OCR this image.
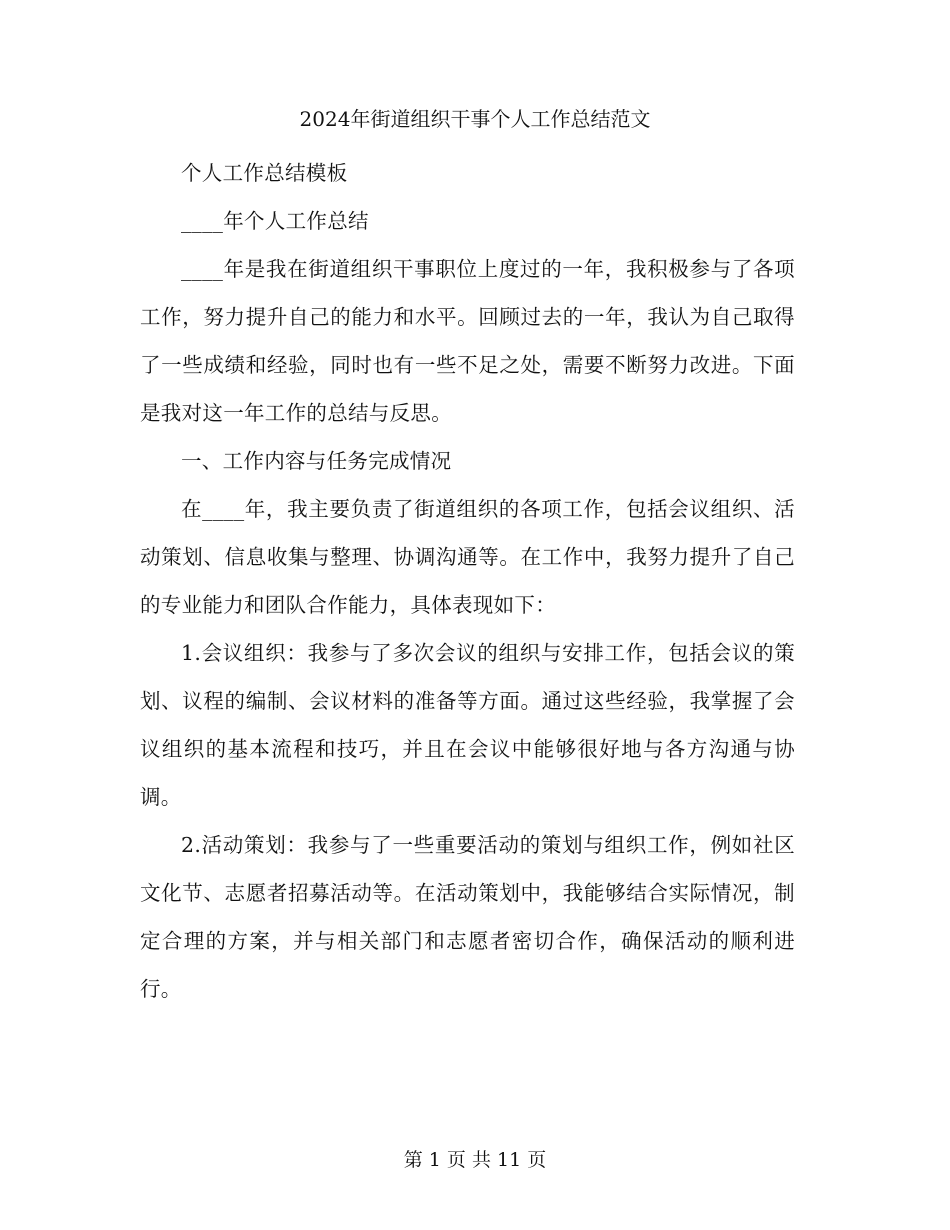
2024年街道组织干事个人工作总结范文

个人工作总结模板

____年个人工作总结

____年是我在街道组织干事职位上度过的一年，我积极参与了各项工作，努力提升自己的能力和水平。回顾过去的一年，我认为自己取得了一些成绩和经验，同时也有一些不足之处，需要不断努力改进。下面是我对这一年工作的总结与反思。

一、工作内容与任务完成情况

在____年，我主要负责了街道组织的各项工作，包括会议组织、活动策划、信息收集与整理、协调沟通等。在工作中，我努力提升了自己的专业能力和团队合作能力，具体表现如下：

1.会议组织：我参与了多次会议的组织与安排工作，包括会议的策划、议程的编制、会议材料的准备等方面。通过这些经验，我掌握了会议组织的基本流程和技巧，并且在会议中能够很好地与各方沟通与协调。

2.活动策划：我参与了一些重要活动的策划与组织工作，例如社区文化节、志愿者招募活动等。在活动策划中，我能够结合实际情况，制定合理的方案，并与相关部门和志愿者密切合作，确保活动的顺利进行。

第 1 页 共 11 页
